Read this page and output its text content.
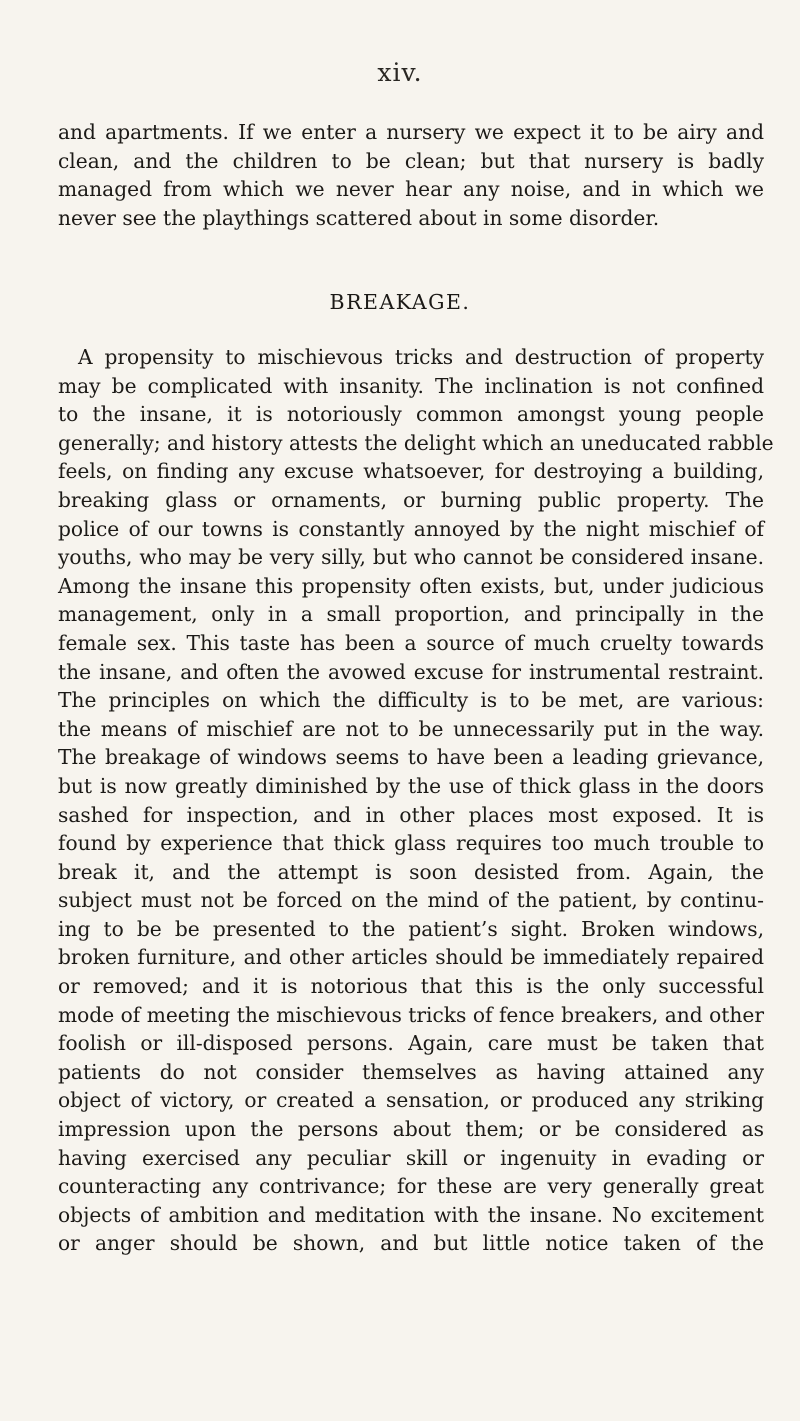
xiv.
and apartments. If we enter a nursery we expect it to be airy and
clean, and the children to be clean; but that nursery is badly
managed from which we never hear any noise, and in which we
never see the playthings scattered about in some disorder.
BREAKAGE.
A propensity to mischievous tricks and destruction of property
may be complicated with insanity. The inclination is not confined
to the insane, it is notoriously common amongst young people
generally; and history attests the delight which an uneducated rabble
feels, on finding any excuse whatsoever, for destroying a building,
breaking glass or ornaments, or burning public property. The
police of our towns is constantly annoyed by the night mischief of
youths, who may be very silly, but who cannot be considered insane.
Among the insane this propensity often exists, but, under judicious
management, only in a small proportion, and principally in the
female sex. This taste has been a source of much cruelty towards
the insane, and often the avowed excuse for instrumental restraint.
The principles on which the difficulty is to be met, are various:
the means of mischief are not to be unnecessarily put in the way.
The breakage of windows seems to have been a leading grievance,
but is now greatly diminished by the use of thick glass in the doors
sashed for inspection, and in other places most exposed. It is
found by experience that thick glass requires too much trouble to
break it, and the attempt is soon desisted from. Again, the
subject must not be forced on the mind of the patient, by continu-
ing to be be presented to the patient’s sight. Broken windows,
broken furniture, and other articles should be immediately repaired
or removed; and it is notorious that this is the only successful
mode of meeting the mischievous tricks of fence breakers, and other
foolish or ill-disposed persons. Again, care must be taken that
patients do not consider themselves as having attained any
object of victory, or created a sensation, or produced any striking
impression upon the persons about them; or be considered as
having exercised any peculiar skill or ingenuity in evading or
counteracting any contrivance; for these are very generally great
objects of ambition and meditation with the insane. No excitement
or anger should be shown, and but little notice taken of the
